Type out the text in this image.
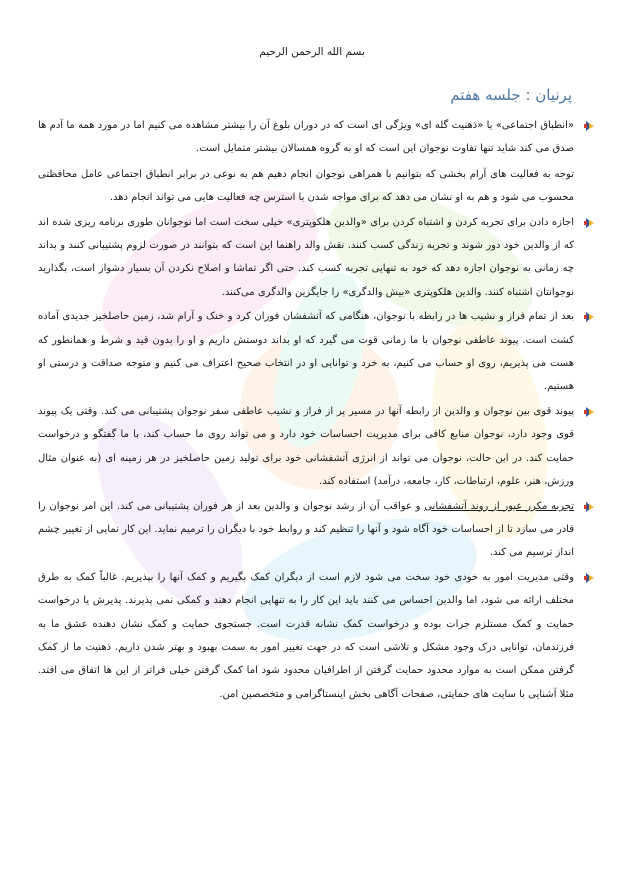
بسم الله الرحمن الرحیم
پرنیان : جلسه هفتم
«انطباق اجتماعی» یا «ذهنیت گله ای» ویژگی ای است که در دوران بلوغ آن را بیشتر مشاهده می کنیم اما در مورد همه ما آدم ها صدق می کند شاید تنها تفاوت نوجوان این است که او به گروه همسالان بیشتر متمایل است.
توجه به فعالیت های آرام بخشی که بتوانیم با همراهی نوجوان انجام دهیم هم به نوعی در برابر انطباق اجتماعی عامل محافظتی محسوب می شود و هم به او نشان می دهد که برای مواجه شدن با استرس چه فعالیت هایی می تواند انجام دهد.
اجازه دادن برای تجربه کردن و اشتباه کردن برای «والدین هلکوپتری» خیلی سخت است اما نوجوانان طوری برنامه ریزی شده اند که از والدین خود دور شوند و تجربه زندگی کسب کنند. نقش والد راهنما این است که بتوانند در صورت لزوم پشتیبانی کنند و بداند چه زمانی به نوجوان اجازه دهد که خود به تنهایی تجربه کسب کند. حتی اگر تماشا و اصلاح نکردن آن بسیار دشوار است، بگذارید نوجوانتان اشتباه کنند. والدین هلکوپتری «بیش والدگری» را جایگزین والدگری می‌کنند.
بعد از تمام فراز و نشیب ها در رابطه با نوجوان، هنگامی که آتشفشان فوران کرد و خنک و آرام شد، زمین حاصلخیز جدیدی آماده کشت است. پیوند عاطفی نوجوان با ما زمانی قوت می گیرد که او بداند دوستش داریم و او را بدون قید و شرط و همانطور که هست می پذیریم، روی او حساب می کنیم، به خرد و توانایی او در انتخاب صحیح اعتراف می کنیم و متوجه صداقت و درستی او هستیم.
پیوند قوی بین نوجوان و والدین از رابطه آنها در مسیر پر از فراز و نشیب عاطفی سفر نوجوان پشتیبانی می کند. وقتی یک پیوند قوی وجود دارد، نوجوان منابع کافی برای مدیریت احساسات خود دارد و می تواند روی ما حساب کند، با ما گفتگو و درخواست حمایت کند. در این حالت، نوجوان می تواند از انرژی آتشفشانی خود برای تولید زمین حاصلخیز در هر زمینه ای (به عنوان مثال ورزش، هنر، علوم، ارتباطات، کار، جامعه، درآمد) استفاده کند.
تجربه مکرر عبور از روند آتشفشانی و عواقب آن از رشد نوجوان و والدین بعد از هر فوران پشتیبانی می کند. این امر نوجوان را قادر می سازد تا از احساسات خود آگاه شود و آنها را تنظیم کند و روابط خود با دیگران را ترمیم نماید. این کار نمایی از تغییر چشم انداز ترسیم می کند.
وقتی مدیریت امور به خودی خود سخت می شود لازم است از دیگران کمک بگیریم و کمک آنها را بپذیریم. غالباً کمک به طرق مختلف ارائه می شود، اما والدین احساس می کنند باید این کار را به تنهایی انجام دهند و کمکی نمی پذیرند. پذیرش یا درخواست حمایت و کمک مستلزم جرات بوده و درخواست کمک نشانه قدرت است. جستجوی حمایت و کمک نشان دهنده عشق ما به فرزندمان، توانایی درک وجود مشکل و تلاشی است که در جهت تغییر امور به سمت بهبود و بهتر شدن داریم. ذهنیت ما از کمک گرفتن ممکن است به موارد محدود حمایت گرفتن از اطرافیان محدود شود اما کمک گرفتن خیلی فراتر از این ها اتفاق می افتد. مثلا آشنایی با سایت های حمایتی، صفحات آگاهی بخش اینستاگرامی و متخصصین امن.
